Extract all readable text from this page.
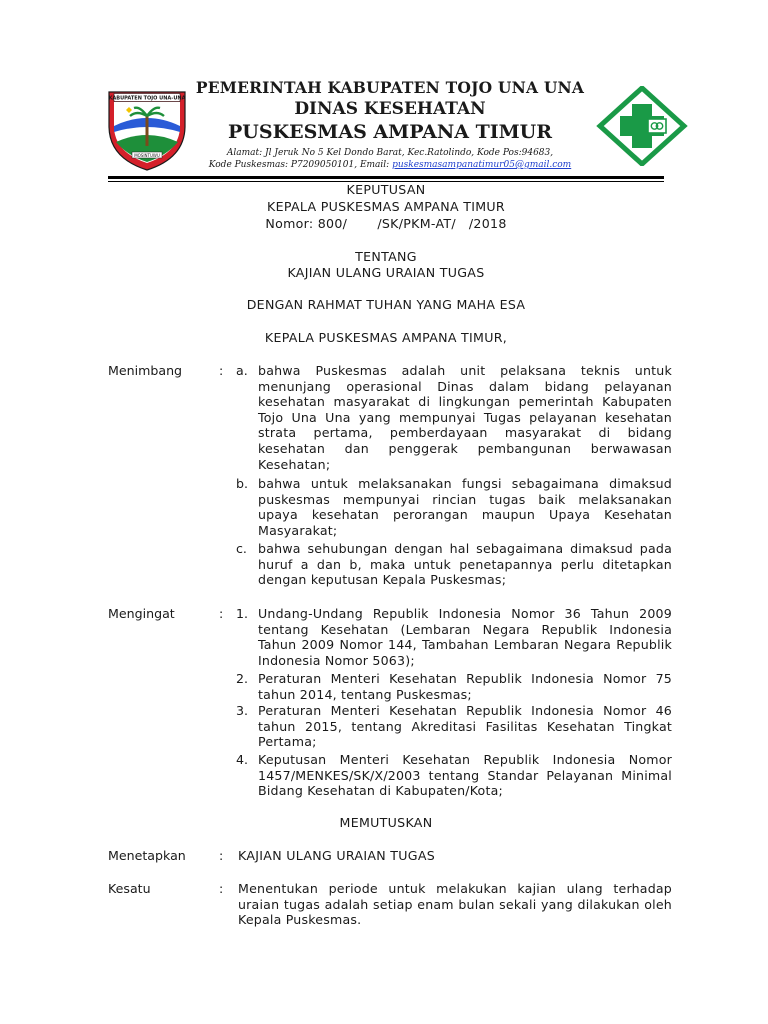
KABUPATEN TOJO UNA-UNA
MOSINTUWU
PEMERINTAH KABUPATEN TOJO UNA UNA
DINAS KESEHATAN
PUSKESMAS AMPANA TIMUR
Alamat: Jl Jeruk No 5 Kel Dondo Barat, Kec.Ratolindo, Kode Pos:94683,
Kode Puskesmas: P7209050101, Email: puskesmasampanatimur05@gmail.com
KEPUTUSAN
KEPALA PUSKESMAS AMPANA TIMUR
Nomor: 800/       /SK/PKM-AT/   /2018
TENTANG
KAJIAN ULANG URAIAN TUGAS
DENGAN RAHMAT TUHAN YANG MAHA ESA
KEPALA PUSKESMAS AMPANA TIMUR,
Menimbang	: a. bahwa Puskesmas adalah unit pelaksana teknis untuk menunjang operasional Dinas dalam bidang pelayanan kesehatan masyarakat di lingkungan pemerintah Kabupaten Tojo Una Una yang mempunyai Tugas pelayanan kesehatan strata pertama, pemberdayaan masyarakat di bidang kesehatan dan penggerak pembangunan berwawasan Kesehatan;
b. bahwa untuk melaksanakan fungsi sebagaimana dimaksud puskesmas mempunyai rincian tugas baik melaksanakan upaya kesehatan perorangan maupun Upaya Kesehatan Masyarakat;
c. bahwa sehubungan dengan hal sebagaimana dimaksud pada huruf a dan b, maka untuk penetapannya perlu ditetapkan dengan keputusan Kepala Puskesmas;
Mengingat	: 1. Undang-Undang Republik Indonesia Nomor 36 Tahun 2009 tentang Kesehatan (Lembaran Negara Republik Indonesia Tahun 2009 Nomor 144, Tambahan Lembaran Negara Republik Indonesia Nomor 5063);
2. Peraturan Menteri Kesehatan Republik Indonesia Nomor 75 tahun 2014, tentang Puskesmas;
3. Peraturan Menteri Kesehatan Republik Indonesia Nomor 46 tahun 2015, tentang Akreditasi Fasilitas Kesehatan Tingkat Pertama;
4. Keputusan Menteri Kesehatan Republik Indonesia Nomor 1457/MENKES/SK/X/2003 tentang Standar Pelayanan Minimal Bidang Kesehatan di Kabupaten/Kota;
MEMUTUSKAN
Menetapkan	: KAJIAN ULANG URAIAN TUGAS
Kesatu	: Menentukan periode untuk melakukan kajian ulang terhadap uraian tugas adalah setiap enam bulan sekali yang dilakukan oleh Kepala Puskesmas.
